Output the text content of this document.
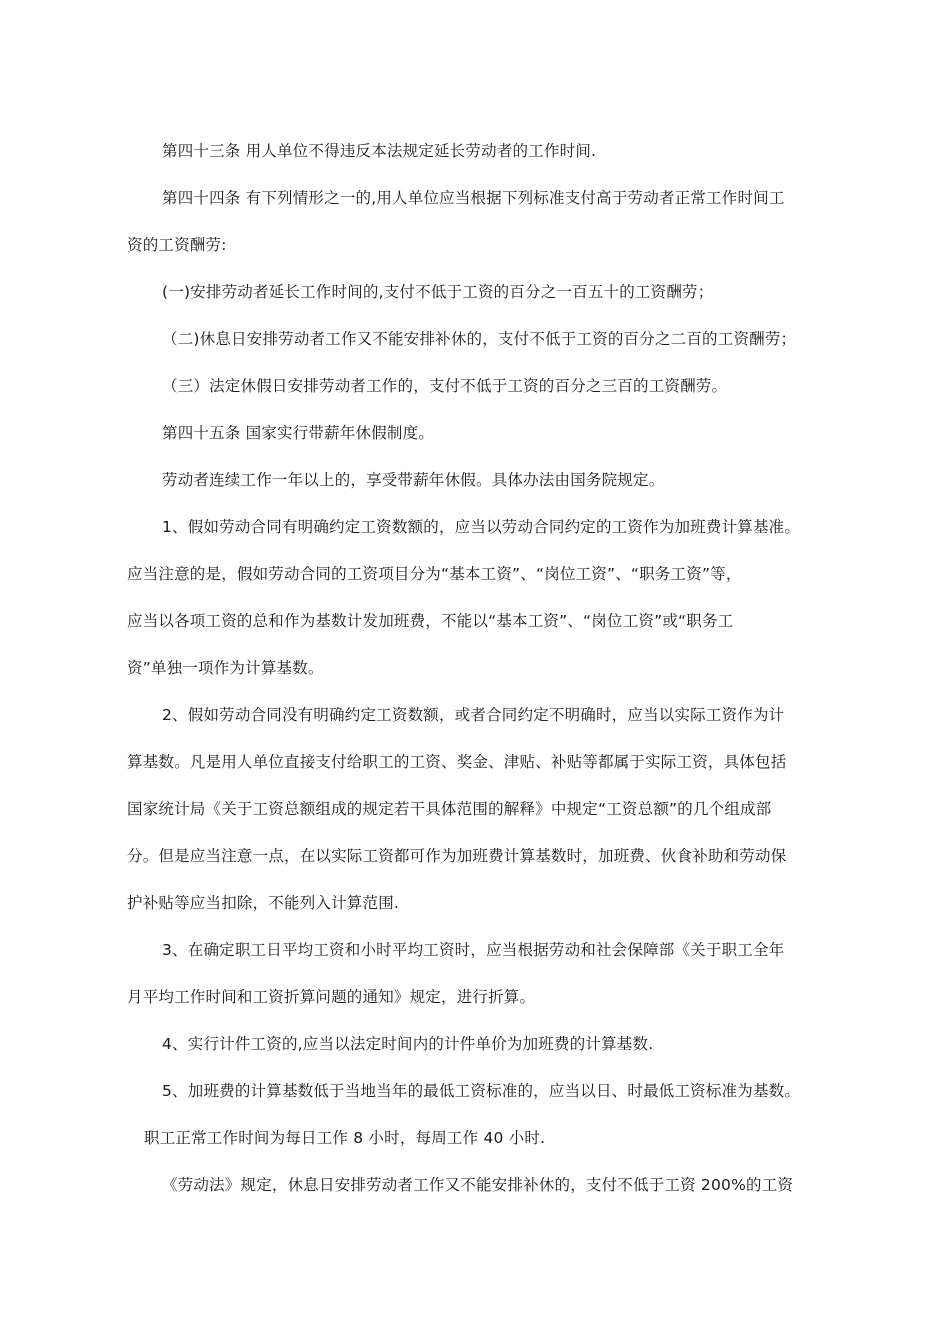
第四十三条 用人单位不得违反本法规定延长劳动者的工作时间.
第四十四条 有下列情形之一的,用人单位应当根据下列标准支付高于劳动者正常工作时间工
资的工资酬劳:
(一)安排劳动者延长工作时间的,支付不低于工资的百分之一百五十的工资酬劳；
（二)休息日安排劳动者工作又不能安排补休的，支付不低于工资的百分之二百的工资酬劳；
（三）法定休假日安排劳动者工作的，支付不低于工资的百分之三百的工资酬劳。
第四十五条 国家实行带薪年休假制度。
劳动者连续工作一年以上的，享受带薪年休假。具体办法由国务院规定。
1、假如劳动合同有明确约定工资数额的，应当以劳动合同约定的工资作为加班费计算基准。
应当注意的是，假如劳动合同的工资项目分为“基本工资”、“岗位工资”、“职务工资”等，
应当以各项工资的总和作为基数计发加班费，不能以“基本工资”、“岗位工资”或“职务工
资”单独一项作为计算基数。
2、假如劳动合同没有明确约定工资数额，或者合同约定不明确时，应当以实际工资作为计
算基数。凡是用人单位直接支付给职工的工资、奖金、津贴、补贴等都属于实际工资，具体包括
国家统计局《关于工资总额组成的规定若干具体范围的解释》中规定“工资总额”的几个组成部
分。但是应当注意一点，在以实际工资都可作为加班费计算基数时，加班费、伙食补助和劳动保
护补贴等应当扣除，不能列入计算范围.
3、在确定职工日平均工资和小时平均工资时，应当根据劳动和社会保障部《关于职工全年
月平均工作时间和工资折算问题的通知》规定，进行折算。
4、实行计件工资的,应当以法定时间内的计件单价为加班费的计算基数.
5、加班费的计算基数低于当地当年的最低工资标准的，应当以日、时最低工资标准为基数。
职工正常工作时间为每日工作 8 小时，每周工作 40 小时.
《劳动法》规定，休息日安排劳动者工作又不能安排补休的，支付不低于工资 200%的工资
